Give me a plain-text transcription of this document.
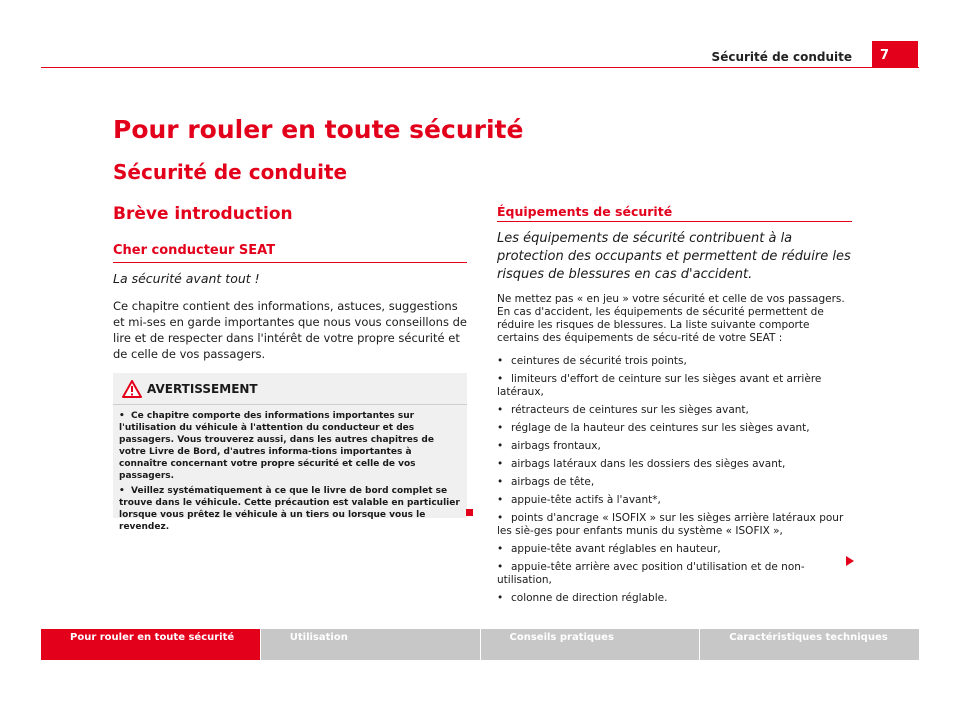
Sécurité de conduite	7
Pour rouler en toute sécurité
Sécurité de conduite
Brève introduction
Cher conducteur SEAT
La sécurité avant tout !
Ce chapitre contient des informations, astuces, suggestions et mi-ses en garde importantes que nous vous conseillons de lire et de respecter dans l'intérêt de votre propre sécurité et de celle de vos passagers.
AVERTISSEMENT
•  Ce chapitre comporte des informations importantes sur l'utilisation du véhicule à l'attention du conducteur et des passagers. Vous trouverez aussi, dans les autres chapitres de votre Livre de Bord, d'autres informa-tions importantes à connaître concernant votre propre sécurité et celle de vos passagers.
•  Veillez systématiquement à ce que le livre de bord complet se trouve dans le véhicule. Cette précaution est valable en particulier lorsque vous prêtez le véhicule à un tiers ou lorsque vous le revendez.
Équipements de sécurité
Les équipements de sécurité contribuent à la protection des occupants et permettent de réduire les risques de blessures en cas d'accident.
Ne mettez pas « en jeu » votre sécurité et celle de vos passagers. En cas d'accident, les équipements de sécurité permettent de réduire les risques de blessures. La liste suivante comporte certains des équipements de sécu-rité de votre SEAT :
• ceintures de sécurité trois points,
• limiteurs d'effort de ceinture sur les sièges avant et arrière latéraux,
• rétracteurs de ceintures sur les sièges avant,
• réglage de la hauteur des ceintures sur les sièges avant,
• airbags frontaux,
• airbags latéraux dans les dossiers des sièges avant,
• airbags de tête,
• appuie-tête actifs à l'avant*,
• points d'ancrage « ISOFIX » sur les sièges arrière latéraux pour les siè-ges pour enfants munis du système « ISOFIX »,
• appuie-tête avant réglables en hauteur,
• appuie-tête arrière avec position d'utilisation et de non-utilisation,
• colonne de direction réglable.
Pour rouler en toute sécurité	Utilisation	Conseils pratiques	Caractéristiques techniques
